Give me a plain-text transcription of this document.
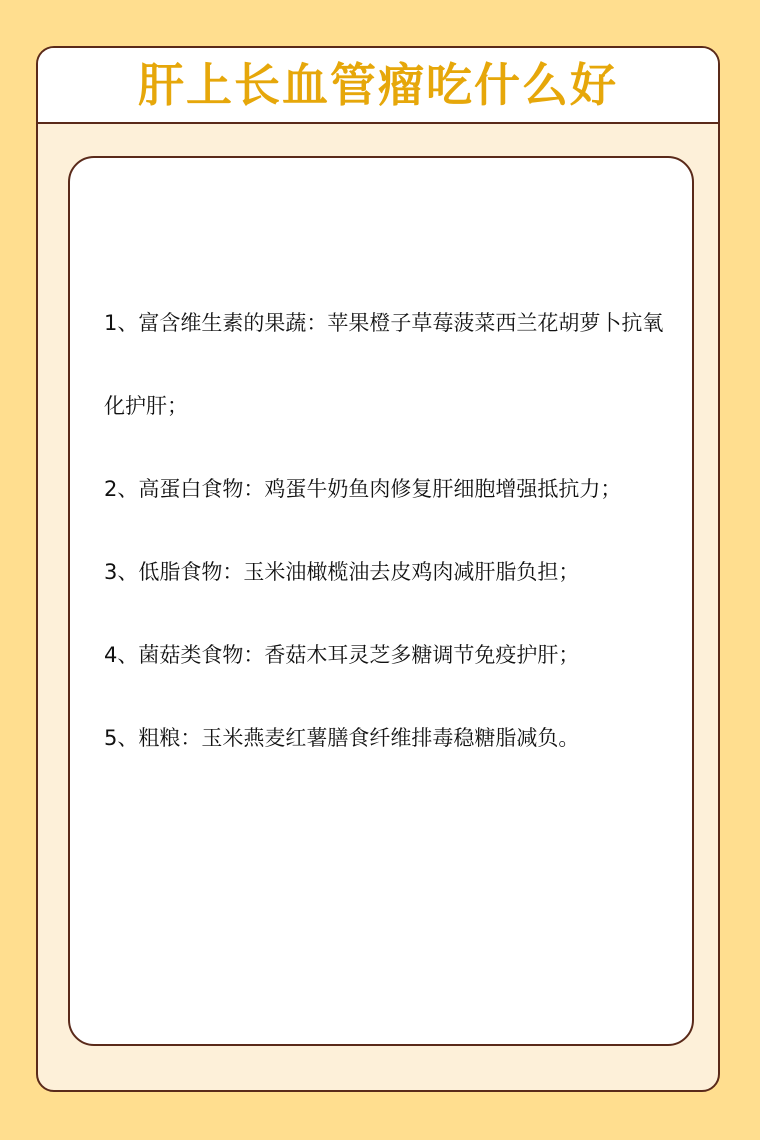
肝上长血管瘤吃什么好

1、富含维生素的果蔬：苹果橙子草莓菠菜西兰花胡萝卜抗氧化护肝；

2、高蛋白食物：鸡蛋牛奶鱼肉修复肝细胞增强抵抗力；

3、低脂食物：玉米油橄榄油去皮鸡肉减肝脂负担；

4、菌菇类食物：香菇木耳灵芝多糖调节免疫护肝；

5、粗粮：玉米燕麦红薯膳食纤维排毒稳糖脂减负。
